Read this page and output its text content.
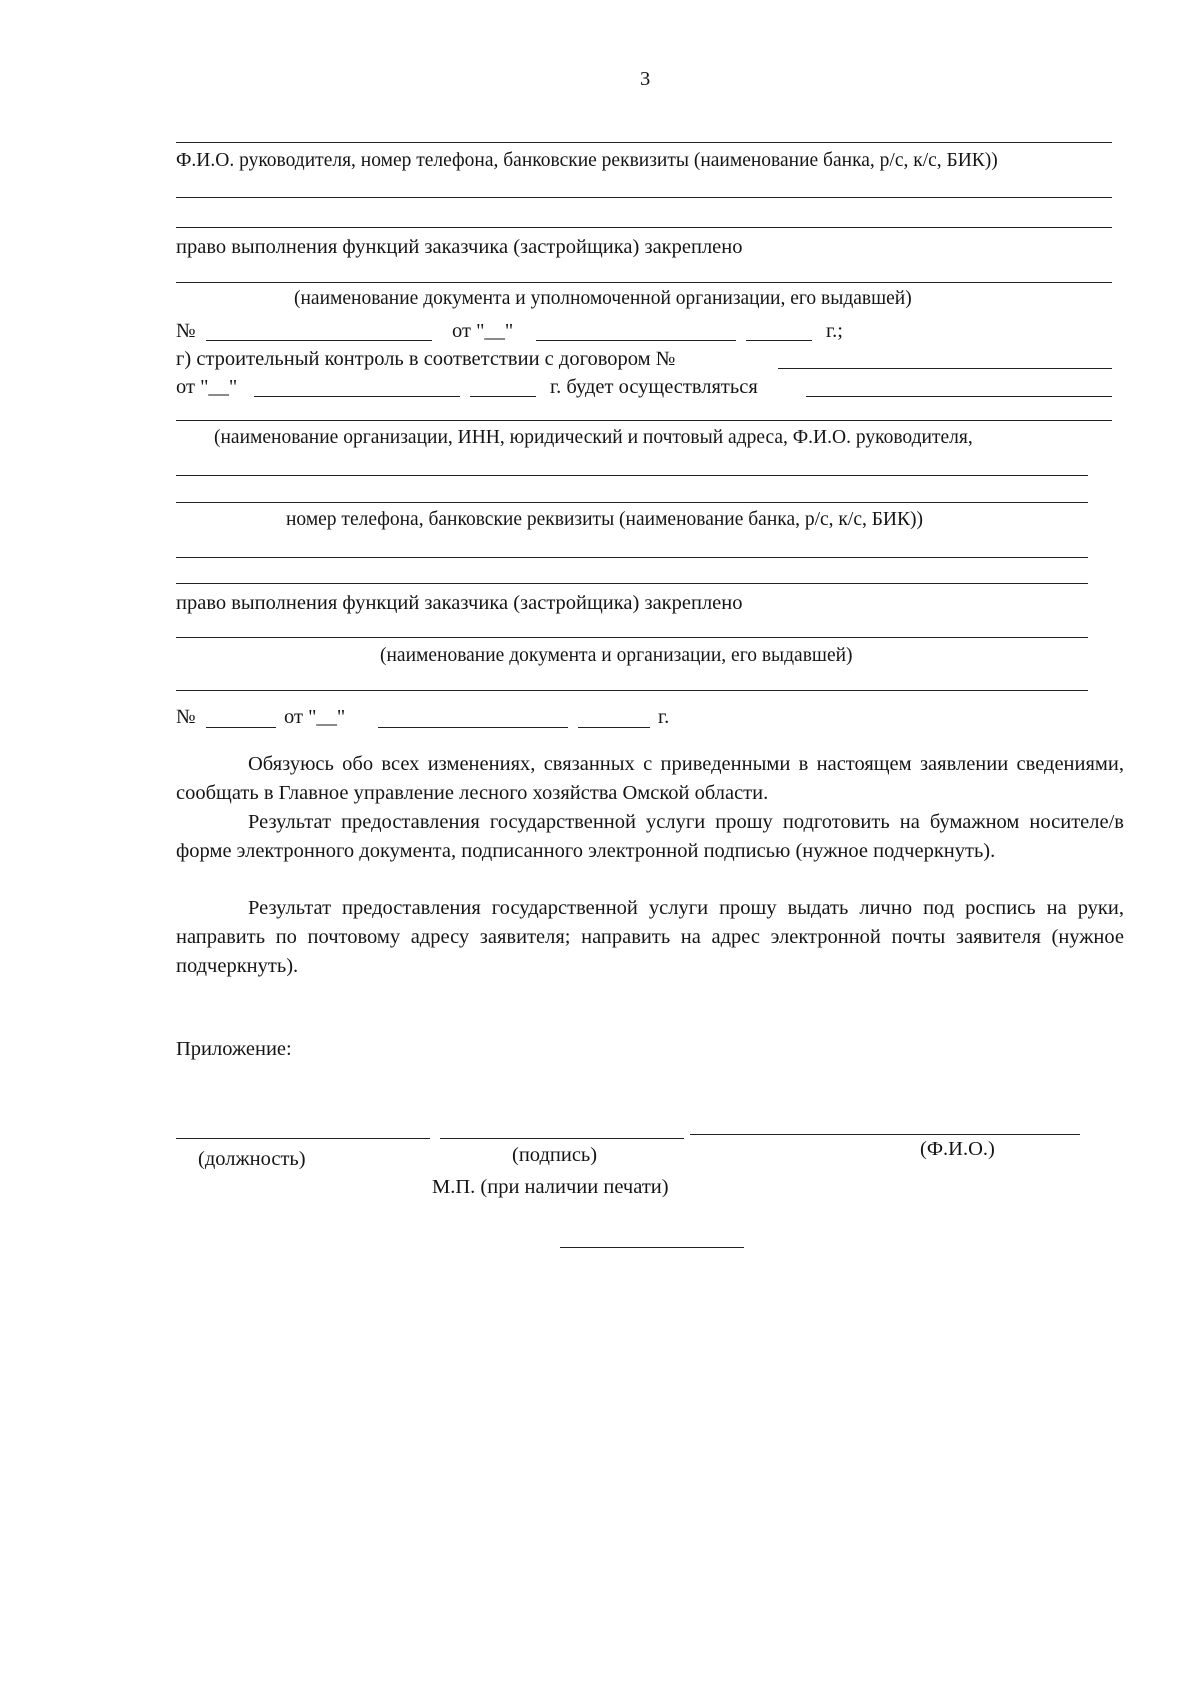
3
Ф.И.О. руководителя, номер телефона, банковские реквизиты (наименование банка, р/с, к/с, БИК))
право выполнения функций заказчика (застройщика) закреплено
(наименование документа и уполномоченной организации, его выдавшей)
№	от "__"	г.;
г) строительный контроль в соответствии с договором №
от "__"	г. будет осуществляться
(наименование организации, ИНН, юридический и почтовый адреса, Ф.И.О. руководителя,
номер телефона, банковские реквизиты (наименование банка, р/с, к/с, БИК))
право выполнения функций заказчика (застройщика) закреплено
(наименование документа и организации, его выдавшей)
№	от "__"	г.
Обязуюсь обо всех изменениях, связанных с приведенными в настоящем заявлении сведениями, сообщать в Главное управление лесного хозяйства Омской области.
Результат предоставления государственной услуги прошу подготовить на бумажном носителе/в форме электронного документа, подписанного электронной подписью (нужное подчеркнуть).
Результат предоставления государственной услуги прошу выдать лично под роспись на руки, направить по почтовому адресу заявителя; направить на адрес электронной почты заявителя (нужное подчеркнуть).
Приложение:
(должность)	(подпись)	(Ф.И.О.)
М.П. (при наличии печати)
